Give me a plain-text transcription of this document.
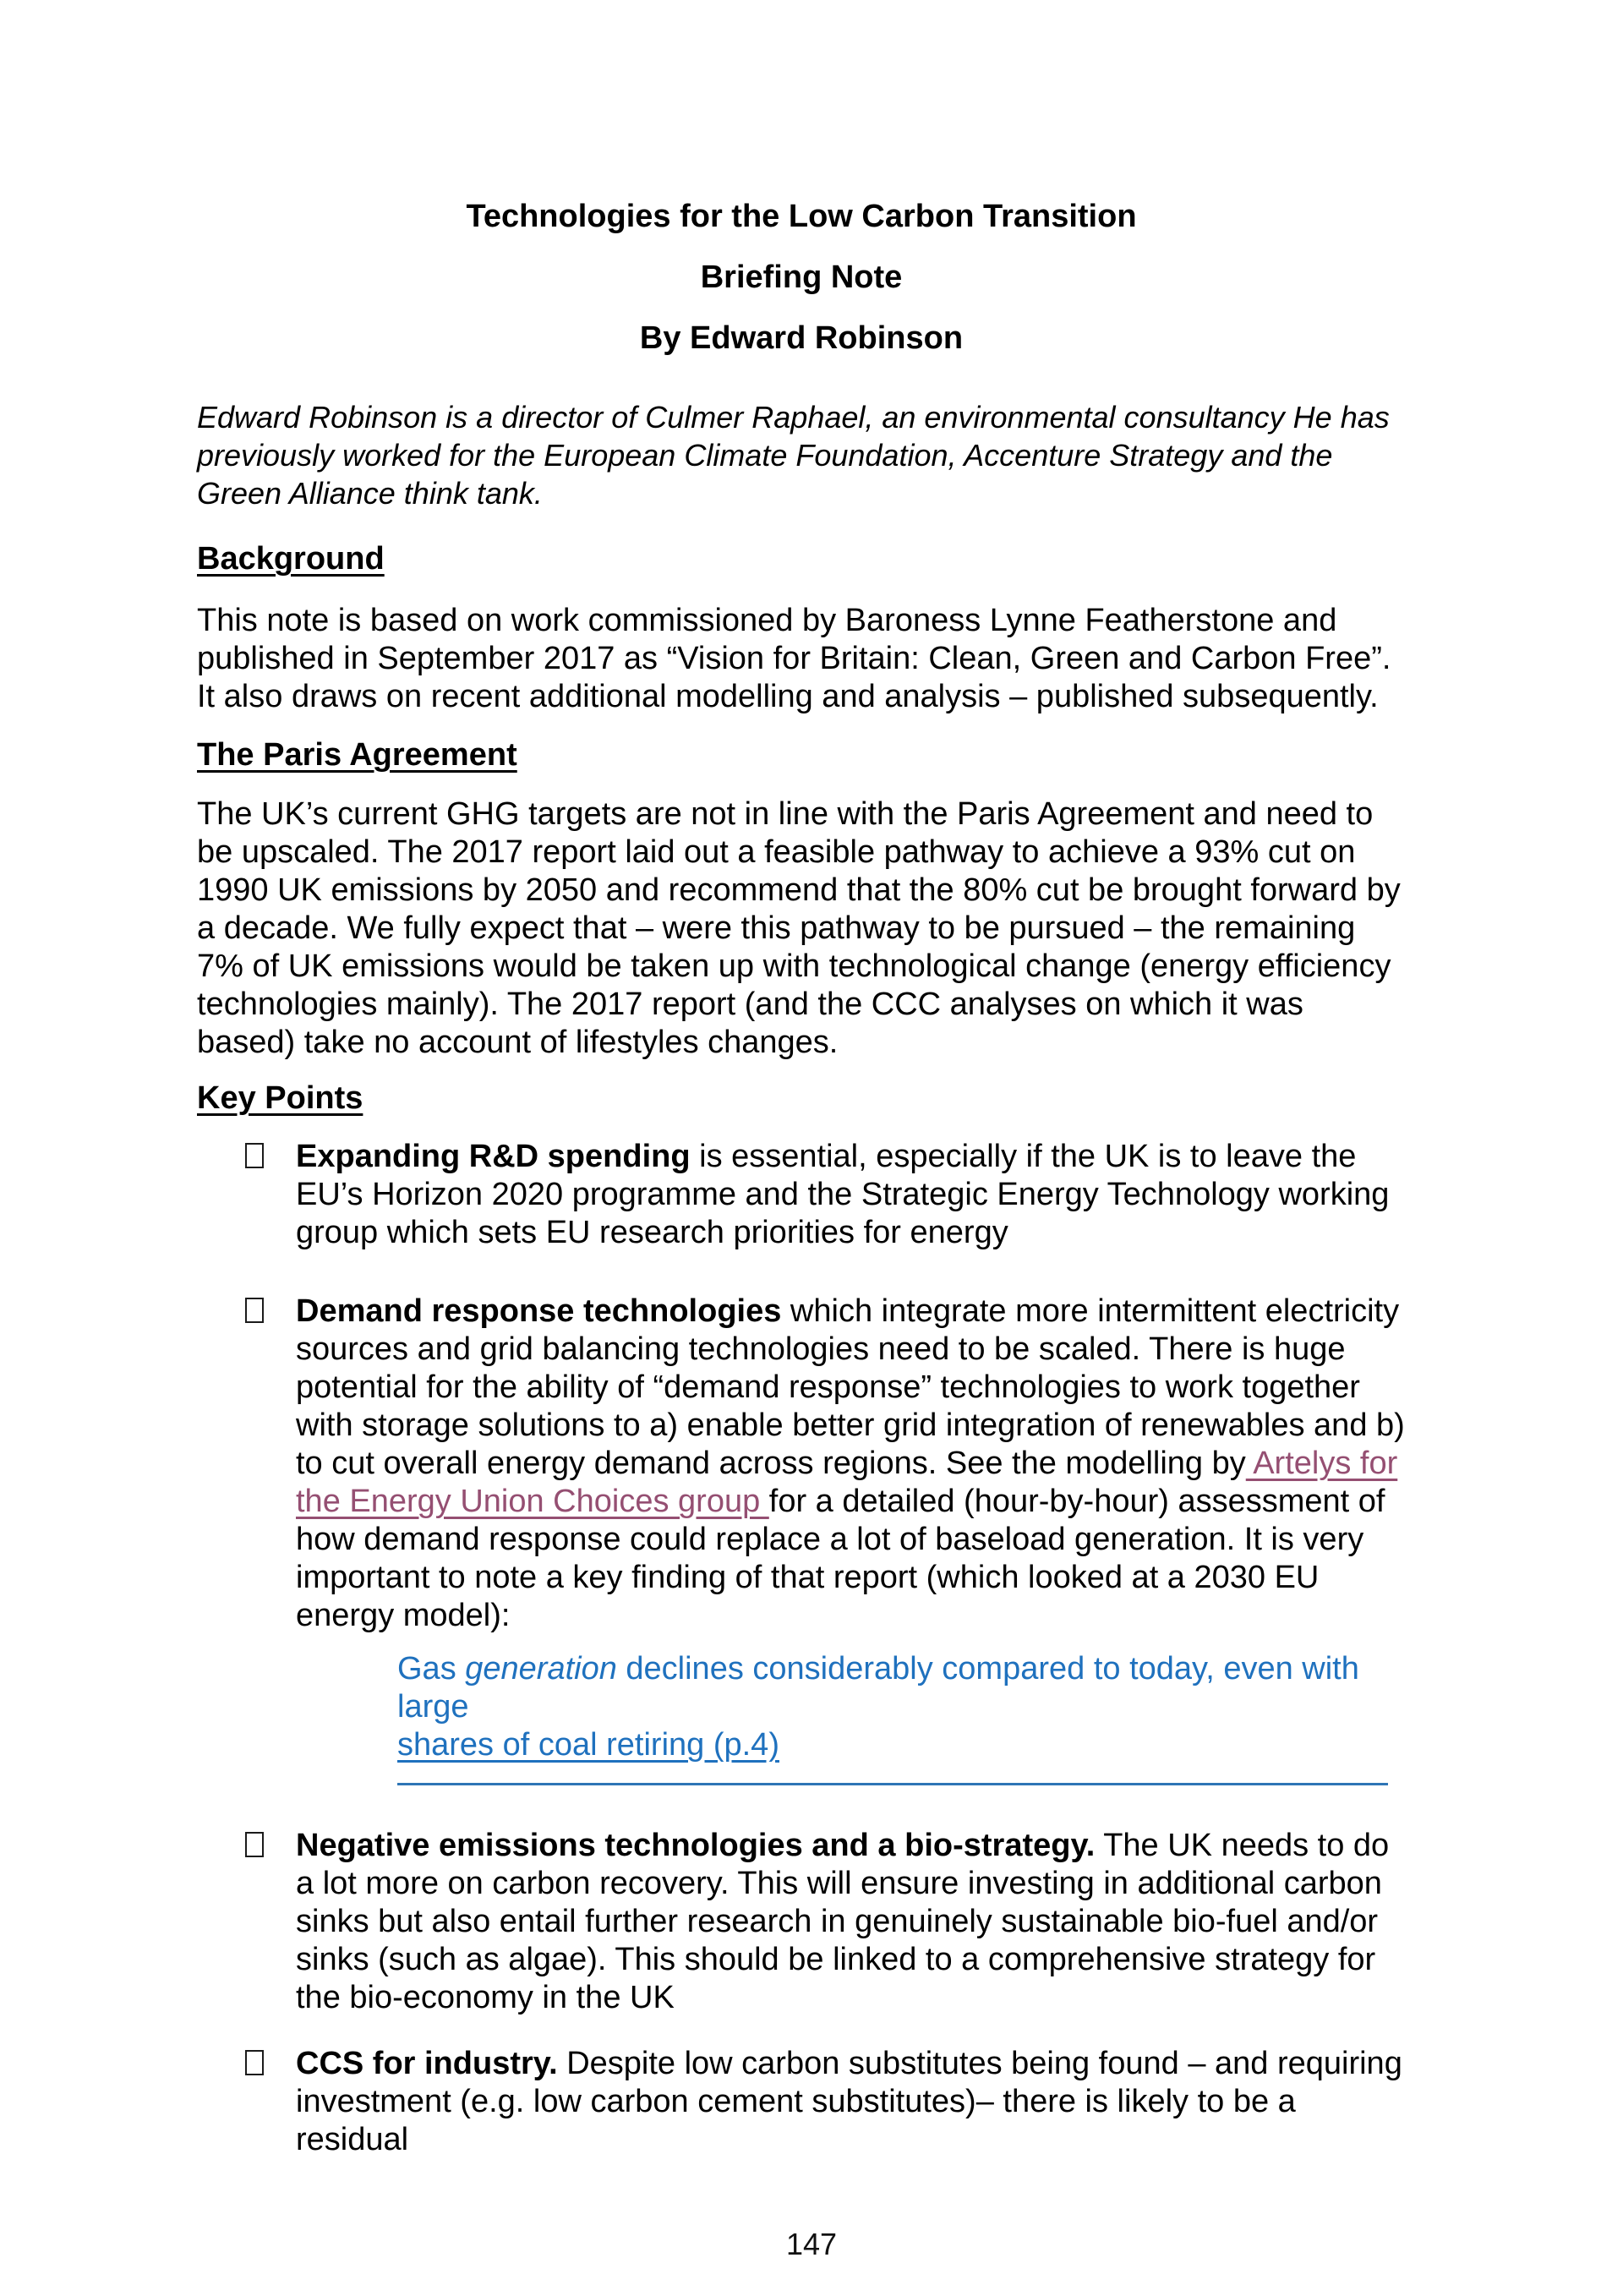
Technologies for the Low Carbon Transition
Briefing Note
By Edward Robinson

Edward Robinson is a director of Culmer Raphael, an environmental consultancy He has previously worked for the European Climate Foundation, Accenture Strategy and the Green Alliance think tank.

Background

This note is based on work commissioned by Baroness Lynne Featherstone and published in September 2017 as “Vision for Britain: Clean, Green and Carbon Free”. It also draws on recent additional modelling and analysis – published subsequently.

The Paris Agreement

The UK’s current GHG targets are not in line with the Paris Agreement and need to be upscaled. The 2017 report laid out a feasible pathway to achieve a 93% cut on 1990 UK emissions by 2050 and recommend that the 80% cut be brought forward by a decade. We fully expect that – were this pathway to be pursued – the remaining 7% of UK emissions would be taken up with technological change (energy efficiency technologies mainly). The 2017 report (and the CCC analyses on which it was based) take no account of lifestyles changes.

Key Points

Expanding R&D spending is essential, especially if the UK is to leave the EU’s Horizon 2020 programme and the Strategic Energy Technology working group which sets EU research priorities for energy

Demand response technologies which integrate more intermittent electricity sources and grid balancing technologies need to be scaled. There is huge potential for the ability of “demand response” technologies to work together with storage solutions to a) enable better grid integration of renewables and b) to cut overall energy demand across regions. See the modelling by Artelys for the Energy Union Choices group for a detailed (hour-by-hour) assessment of how demand response could replace a lot of baseload generation. It is very important to note a key finding of that report (which looked at a 2030 EU energy model):

Gas generation declines considerably compared to today, even with large
shares of coal retiring (p.4)

Negative emissions technologies and a bio-strategy. The UK needs to do a lot more on carbon recovery. This will ensure investing in additional carbon sinks but also entail further research in genuinely sustainable bio-fuel and/or sinks (such as algae). This should be linked to a comprehensive strategy for the bio-economy in the UK

CCS for industry. Despite low carbon substitutes being found – and requiring investment (e.g. low carbon cement substitutes)– there is likely to be a residual

147
